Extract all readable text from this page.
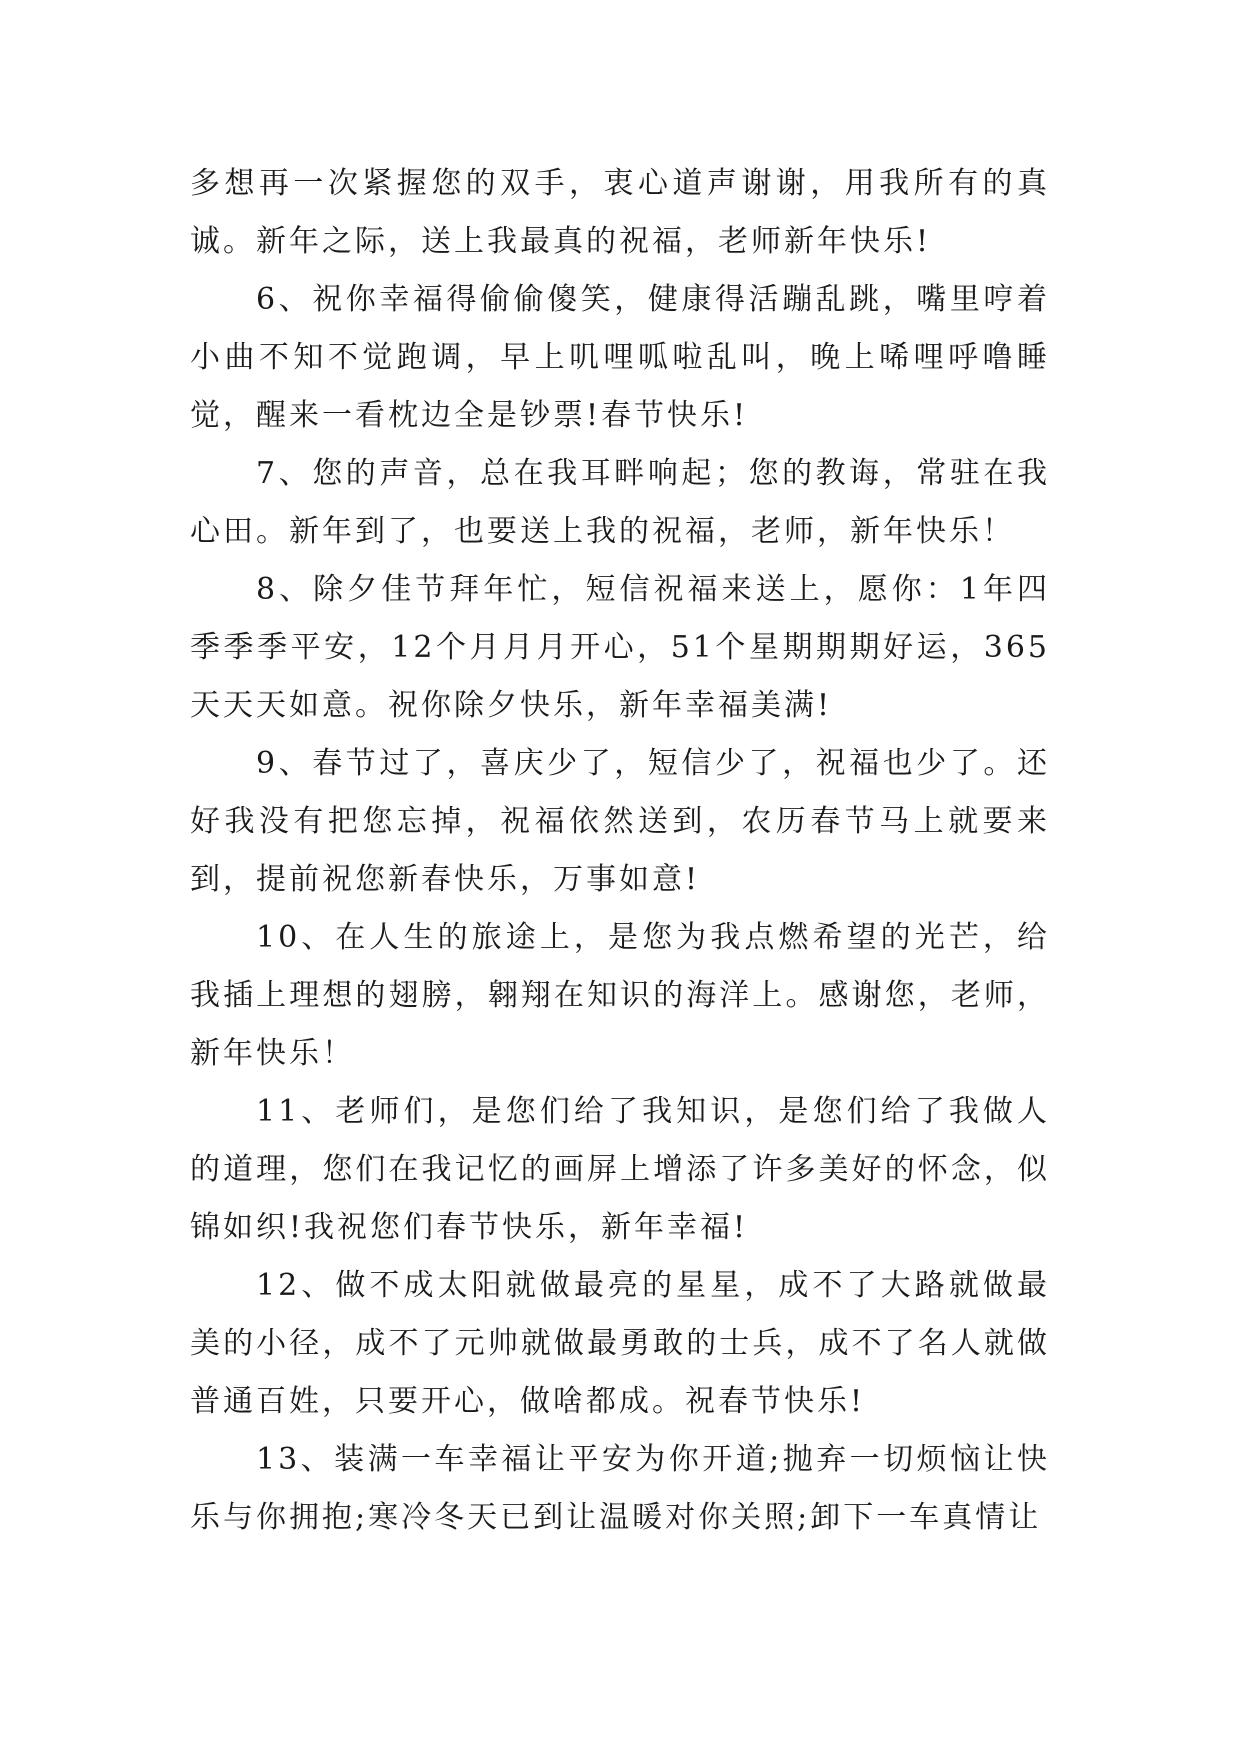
多想再一次紧握您的双手，衷心道声谢谢，用我所有的真诚。新年之际，送上我最真的祝福，老师新年快乐!

6、祝你幸福得偷偷傻笑，健康得活蹦乱跳，嘴里哼着小曲不知不觉跑调，早上叽哩呱啦乱叫，晚上唏哩呼噜睡觉，醒来一看枕边全是钞票!春节快乐!

7、您的声音，总在我耳畔响起；您的教诲，常驻在我心田。新年到了，也要送上我的祝福，老师，新年快乐！

8、除夕佳节拜年忙，短信祝福来送上，愿你：1年四季季季平安，12个月月月开心，51个星期期期好运，365天天天如意。祝你除夕快乐，新年幸福美满!

9、春节过了，喜庆少了，短信少了，祝福也少了。还好我没有把您忘掉，祝福依然送到，农历春节马上就要来到，提前祝您新春快乐，万事如意!

10、在人生的旅途上，是您为我点燃希望的光芒，给我插上理想的翅膀，翱翔在知识的海洋上。感谢您，老师，新年快乐！

11、老师们，是您们给了我知识，是您们给了我做人的道理，您们在我记忆的画屏上增添了许多美好的怀念，似锦如织!我祝您们春节快乐，新年幸福!

12、做不成太阳就做最亮的星星，成不了大路就做最美的小径，成不了元帅就做最勇敢的士兵，成不了名人就做普通百姓，只要开心，做啥都成。祝春节快乐!

13、装满一车幸福让平安为你开道;抛弃一切烦恼让快乐与你拥抱;寒冷冬天已到让温暖对你关照;卸下一车真情让
